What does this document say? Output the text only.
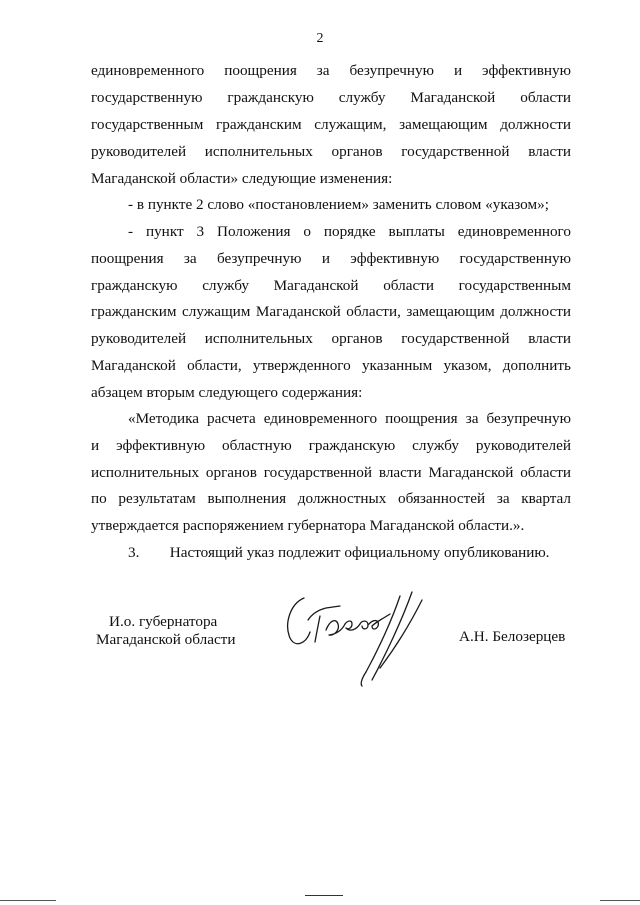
2
единовременного поощрения за безупречную и эффективную
государственную гражданскую службу Магаданской области
государственным гражданским служащим, замещающим должности
руководителей исполнительных органов государственной власти
Магаданской области» следующие изменения:
- в пункте 2 слово «постановлением» заменить словом «указом»;
- пункт 3 Положения о порядке выплаты единовременного
поощрения за безупречную и эффективную государственную
гражданскую службу Магаданской области государственным
гражданским служащим Магаданской области, замещающим должности
руководителей исполнительных органов государственной власти
Магаданской области, утвержденного указанным указом, дополнить
абзацем вторым следующего содержания:
«Методика расчета единовременного поощрения за безупречную
и эффективную областную гражданскую службу руководителей
исполнительных органов государственной власти Магаданской области
по результатам выполнения должностных обязанностей за квартал
утверждается распоряжением губернатора Магаданской области.».
3.        Настоящий указ подлежит официальному опубликованию.
И.о. губернатора
Магаданской области	А.Н. Белозерцев
